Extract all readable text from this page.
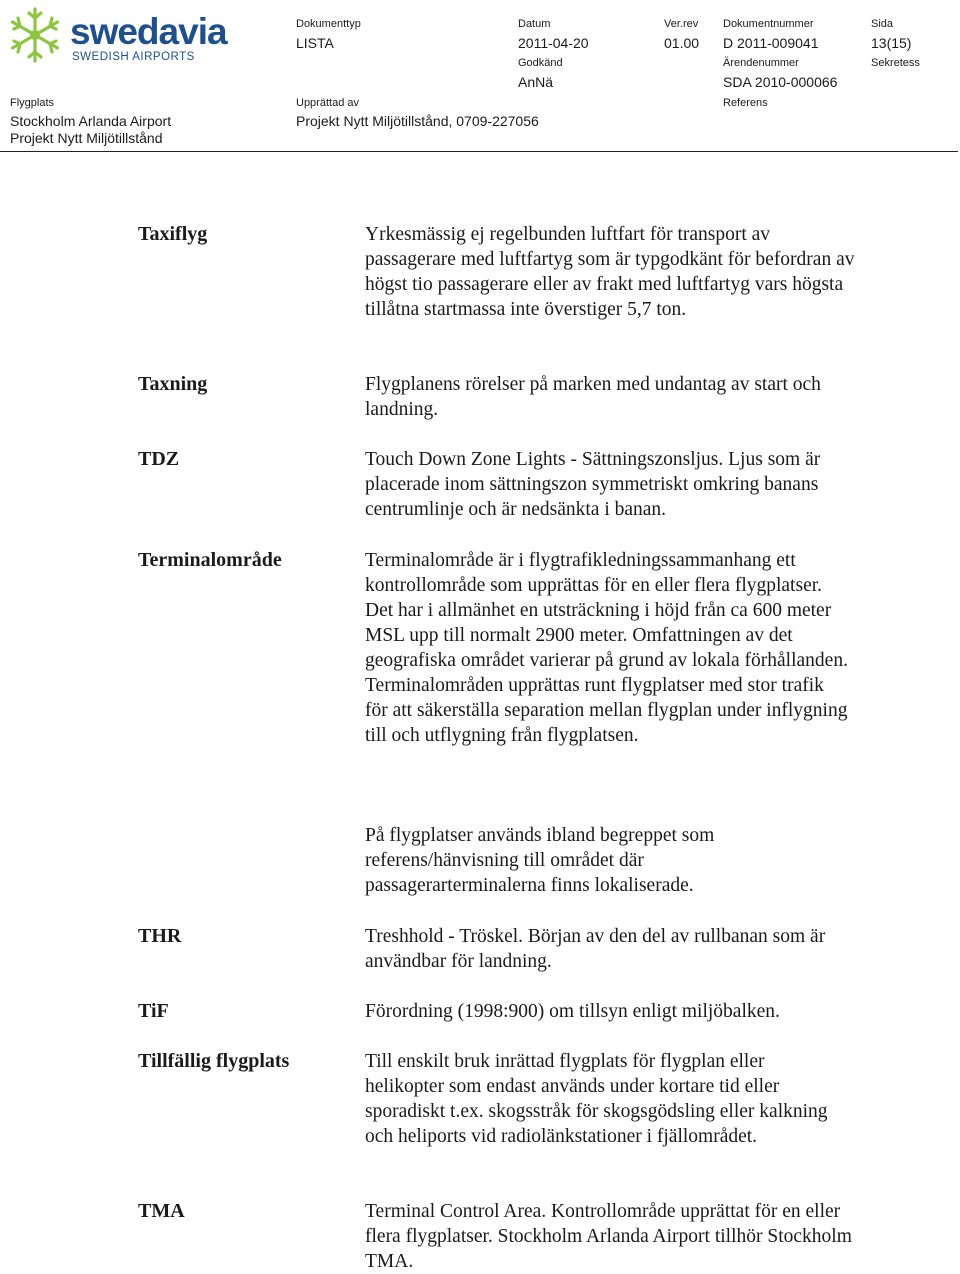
swedavia
SWEDISH AIRPORTS
Dokumenttyp
LISTA
Datum
2011-04-20
Ver.rev
01.00
Dokumentnummer
D 2011-009041
Sida
13(15)
Godkänd
AnNä
Ärendenummer
SDA 2010-000066
Sekretess
Flygplats
Stockholm Arlanda Airport
Projekt Nytt Miljötillstånd
Upprättad av
Projekt Nytt Miljötillstånd, 0709-227056
Referens
Taxiflyg	Yrkesmässig ej regelbunden luftfart för transport av passagerare med luftfartyg som är typgodkänt för befordran av högst tio passagerare eller av frakt med luftfartyg vars högsta tillåtna startmassa inte överstiger 5,7 ton.
Taxning	Flygplanens rörelser på marken med undantag av start och landning.
TDZ	Touch Down Zone Lights - Sättningszonsljus. Ljus som är placerade inom sättningszon symmetriskt omkring banans centrumlinje och är nedsänkta i banan.
Terminalområde	Terminalområde är i flygtrafikledningssammanhang ett kontrollområde som upprättas för en eller flera flygplatser. Det har i allmänhet en utsträckning i höjd från ca 600 meter MSL upp till normalt 2900 meter. Omfattningen av det geografiska området varierar på grund av lokala förhållanden. Terminalområden upprättas runt flygplatser med stor trafik för att säkerställa separation mellan flygplan under inflygning till och utflygning från flygplatsen.
På flygplatser används ibland begreppet som referens/hänvisning till området där passagerarterminalerna finns lokaliserade.
THR	Treshhold - Tröskel. Början av den del av rullbanan som är användbar för landning.
TiF	Förordning (1998:900) om tillsyn enligt miljöbalken.
Tillfällig flygplats	Till enskilt bruk inrättad flygplats för flygplan eller helikopter som endast används under kortare tid eller sporadiskt t.ex. skogsstråk för skogsgödsling eller kalkning och heliports vid radiolänkstationer i fjällområdet.
TMA	Terminal Control Area. Kontrollområde upprättat för en eller flera flygplatser. Stockholm Arlanda Airport tillhör Stockholm TMA.
